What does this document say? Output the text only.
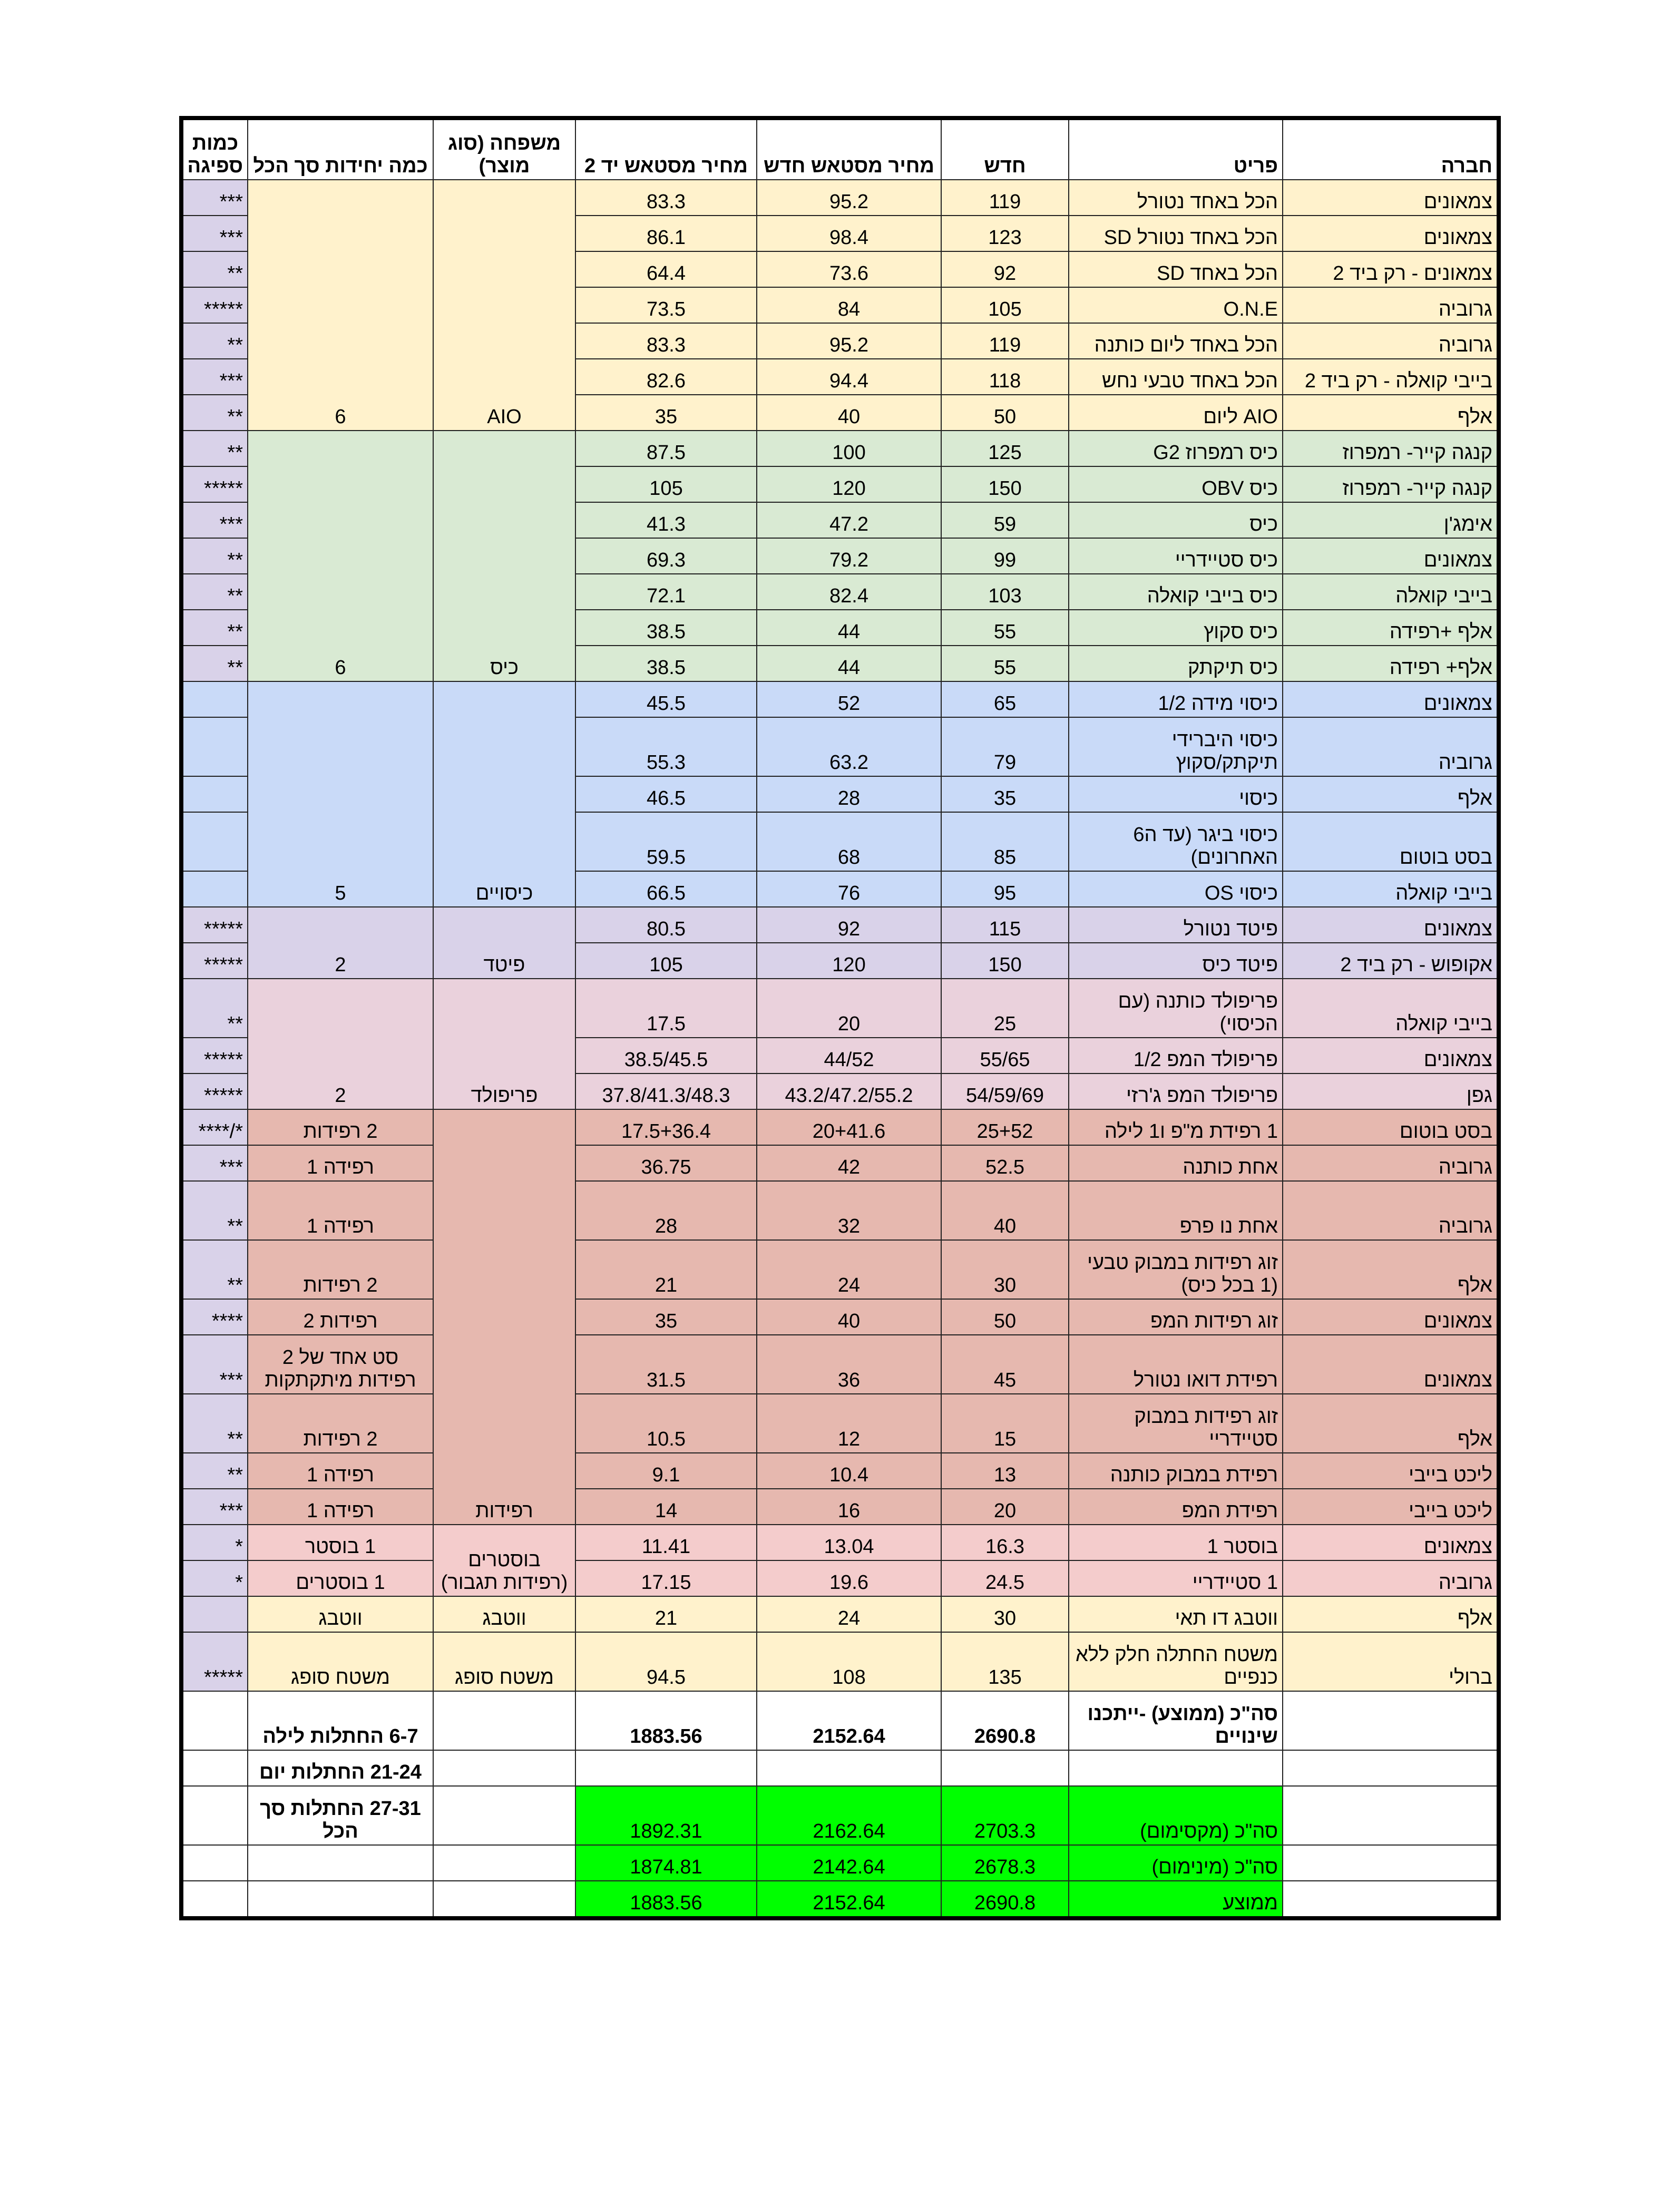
חברה	פריט	חדש	מחיר מסטאש חדש	מחיר מסטאש יד 2	משפחה (סוג מוצר)	כמה יחידות סך הכל	כמות ספיגה
צמאונים	הכל באחד נטורל	119	95.2	83.3	AIO	6	***
צמאונים	הכל באחד נטורל SD	123	98.4	86.1			***
צמאונים - רק ביד 2	הכל באחד SD	92	73.6	64.4			**
גרוביה	O.N.E	105	84	73.5			*****
גרוביה	הכל באחד ליום כותנה	119	95.2	83.3			**
בייבי קואלה - רק ביד 2	הכל באחד טבעי נחש	118	94.4	82.6			***
אלף	AIO ליום	50	40	35			**
קנגה קייר- רמפרוז	כיס רמפרוז G2	125	100	87.5	כיס	6	**
קנגה קייר- רמפרוז	כיס OBV	150	120	105			*****
אימג'ן	כיס	59	47.2	41.3			***
צמאונים	כיס סטיידריי	99	79.2	69.3			**
בייבי קואלה	כיס בייבי קואלה	103	82.4	72.1			**
אלף +רפידה	כיס סקוץ	55	44	38.5			**
אלף+ רפידה	כיס תיקתק	55	44	38.5			**
צמאונים	כיסוי מידה 1/2	65	52	45.5	כיסויים	5	
גרוביה	כיסוי היברידי תיקתק/סקוץ	79	63.2	55.3			
אלף	כיסוי	35	28	46.5			
בסט בוטום	כיסוי ביגר (עד ה6 האחרונים)	85	68	59.5			
בייבי קואלה	כיסוי OS	95	76	66.5			
צמאונים	פיטד נטורל	115	92	80.5	פיטד	2	*****
אקופוש - רק ביד 2	פיטד כיס	150	120	105			*****
בייבי קואלה	פריפולד כותנה (עם הכיסוי)	25	20	17.5	פריפולד	2	**
צמאונים	פריפולד המפ 1/2	55/65	44/52	38.5/45.5			*****
גפן	פריפולד המפ ג'רזי	54/59/69	43.2/47.2/55.2	37.8/41.3/48.3			*****
בסט בוטום	1 רפידת מ"פ ו1 לילה	25+52	20+41.6	17.5+36.4	רפידות	2 רפידות	*/****
גרוביה	אחת כותנה	52.5	42	36.75		רפידה 1	***
גרוביה	אחת נו פרפ	40	32	28		רפידה 1	**
אלף	זוג רפידות במבוק טבעי (1 בכל כיס)	30	24	21		2 רפידות	**
צמאונים	זוג רפידות המפ	50	40	35		רפידות 2	****
צמאונים	רפידת דואו נטורל	45	36	31.5		סט אחד של 2 רפידות מיתקתקות	***
אלף	זוג רפידות במבוק סטיידריי	15	12	10.5		2 רפידות	**
ליכט בייבי	רפידת במבוק כותנה	13	10.4	9.1		רפידה 1	**
ליכט בייבי	רפידת המפ	20	16	14		רפידה 1	***
צמאונים	בוסטר 1	16.3	13.04	11.41	בוסטרים (רפידות תגבור)	1 בוסטר	*
גרוביה	1 סטיידריי	24.5	19.6	17.15		1 בוסטרים	*
אלף	ווטבג דו תאי	30	24	21	ווטבג	ווטבג	
ברולי	משטח החתלה חלק ללא כנפיים	135	108	94.5	משטח סופג	משטח סופג	*****
	סה"כ (ממוצע) -ייתכנו שינויים	2690.8	2152.64	1883.56		6-7 החתלות לילה	
						21-24 החתלות יום	
	סה"כ (מקסימום)	2703.3	2162.64	1892.31		27-31 החתלות סך הכל	
	סה"כ (מינימום)	2678.3	2142.64	1874.81			
	ממוצע	2690.8	2152.64	1883.56			
